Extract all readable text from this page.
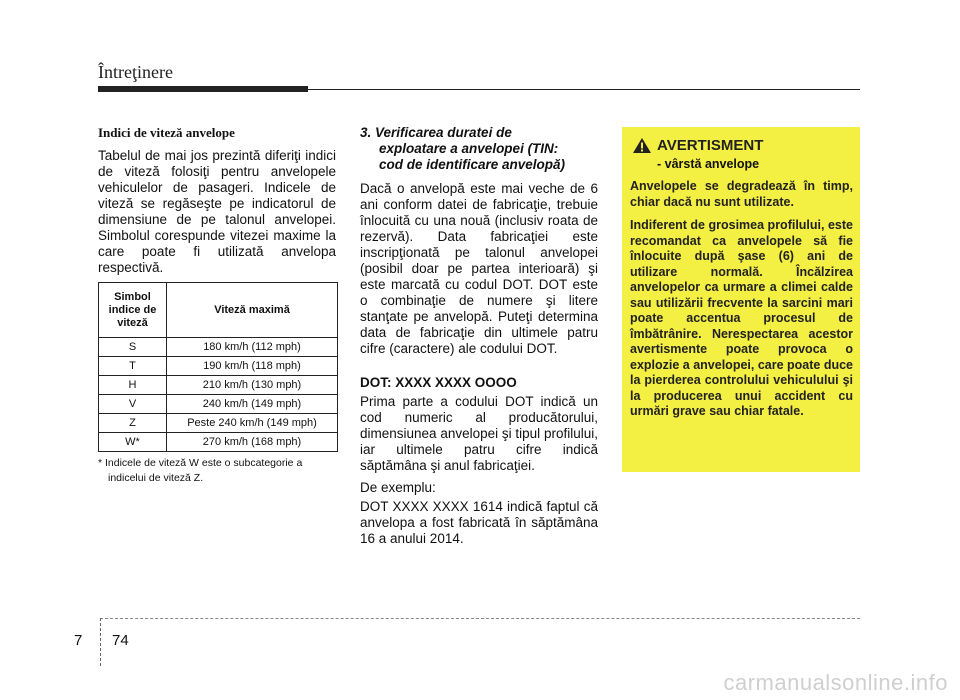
Întreţinere

Indici de viteză anvelope

Tabelul de mai jos prezintă diferiţi indici de viteză folosiţi pentru anvelopele vehiculelor de pasageri. Indicele de viteză se regăseşte pe indicatorul de dimensiune de pe talonul anvelopei. Simbolul corespunde vitezei maxime la care poate fi utilizată anvelopa respectivă.

Simbol indice de viteză	Viteză maximă
S	180 km/h (112 mph)
T	190 km/h (118 mph)
H	210 km/h (130 mph)
V	240 km/h (149 mph)
Z	Peste 240 km/h (149 mph)
W*	270 km/h (168 mph)
* Indicele de viteză W este o subcategorie a
indicelui de viteză Z.

3. Verificarea duratei de
exploatare a anvelopei (TIN:
cod de identificare anvelopă)

Dacă o anvelopă este mai veche de 6 ani conform datei de fabricaţie, trebuie înlocuită cu una nouă (inclusiv roata de rezervă). Data fabricaţiei este inscripţionată pe talonul anvelopei (posibil doar pe partea interioară) şi este marcată cu codul DOT. DOT este o combinaţie de numere şi litere stanţate pe anvelopă. Puteţi determina data de fabricaţie din ultimele patru cifre (caractere) ale codului DOT.

DOT: XXXX XXXX OOOO

Prima parte a codului DOT indică un cod numeric al producătorului, dimensiunea anvelopei şi tipul profilului, iar ultimele patru cifre indică săptămâna şi anul fabricaţiei.

De exemplu:

DOT XXXX XXXX 1614 indică faptul că anvelopa a fost fabricată în săptămâna 16 a anului 2014.

AVERTISMENT
- vârstă anvelope

Anvelopele se degradează în timp, chiar dacă nu sunt utilizate.

Indiferent de grosimea profilului, este recomandat ca anvelopele să fie înlocuite după şase (6) ani de utilizare normală. Încălzirea anvelopelor ca urmare a climei calde sau utilizării frecvente la sarcini mari poate accentua procesul de îmbătrânire. Nerespectarea acestor avertismente poate provoca o explozie a anvelopei, care poate duce la pierderea controlului vehiculului şi la producerea unui accident cu urmări grave sau chiar fatale.

7 74
carmanualsonline.info
